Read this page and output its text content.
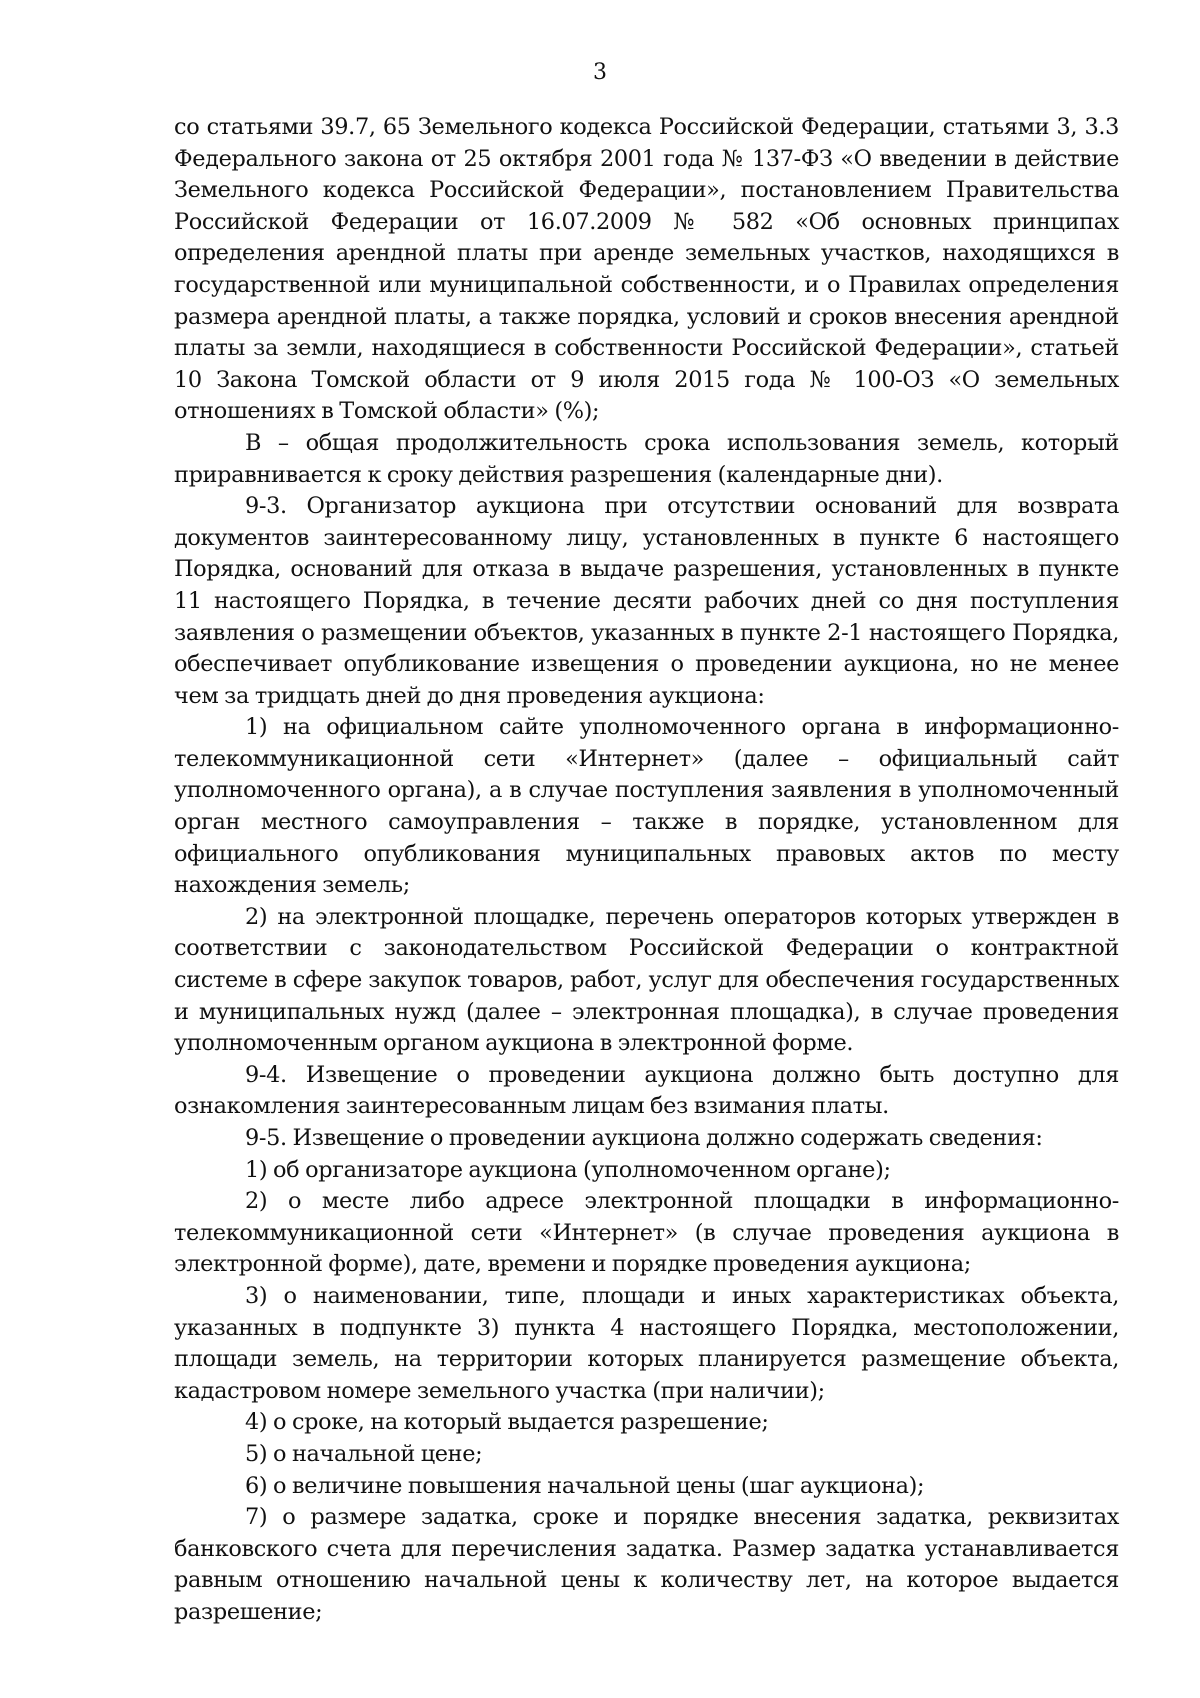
3

со статьями 39.7, 65 Земельного кодекса Российской Федерации, статьями 3, 3.3 Федерального закона от 25 октября 2001 года № 137-ФЗ «О введении в действие Земельного кодекса Российской Федерации», постановлением Правительства Российской Федерации от 16.07.2009 № 582 «Об основных принципах определения арендной платы при аренде земельных участков, находящихся в государственной или муниципальной собственности, и о Правилах определения размера арендной платы, а также порядка, условий и сроков внесения арендной платы за земли, находящиеся в собственности Российской Федерации», статьей 10 Закона Томской области от 9 июля 2015 года № 100-ОЗ «О земельных отношениях в Томской области» (%);

В – общая продолжительность срока использования земель, который приравнивается к сроку действия разрешения (календарные дни).

9-3. Организатор аукциона при отсутствии оснований для возврата документов заинтересованному лицу, установленных в пункте 6 настоящего Порядка, оснований для отказа в выдаче разрешения, установленных в пункте 11 настоящего Порядка, в течение десяти рабочих дней со дня поступления заявления о размещении объектов, указанных в пункте 2-1 настоящего Порядка, обеспечивает опубликование извещения о проведении аукциона, но не менее чем за тридцать дней до дня проведения аукциона:

1) на официальном сайте уполномоченного органа в информационно-телекоммуникационной сети «Интернет» (далее – официальный сайт уполномоченного органа), а в случае поступления заявления в уполномоченный орган местного самоуправления – также в порядке, установленном для официального опубликования муниципальных правовых актов по месту нахождения земель;

2) на электронной площадке, перечень операторов которых утвержден в соответствии с законодательством Российской Федерации о контрактной системе в сфере закупок товаров, работ, услуг для обеспечения государственных и муниципальных нужд (далее – электронная площадка), в случае проведения уполномоченным органом аукциона в электронной форме.

9-4. Извещение о проведении аукциона должно быть доступно для ознакомления заинтересованным лицам без взимания платы.

9-5. Извещение о проведении аукциона должно содержать сведения:

1) об организаторе аукциона (уполномоченном органе);

2) о месте либо адресе электронной площадки в информационно-телекоммуникационной сети «Интернет» (в случае проведения аукциона в электронной форме), дате, времени и порядке проведения аукциона;

3) о наименовании, типе, площади и иных характеристиках объекта, указанных в подпункте 3) пункта 4 настоящего Порядка, местоположении, площади земель, на территории которых планируется размещение объекта, кадастровом номере земельного участка (при наличии);

4) о сроке, на который выдается разрешение;

5) о начальной цене;

6) о величине повышения начальной цены (шаг аукциона);

7) о размере задатка, сроке и порядке внесения задатка, реквизитах банковского счета для перечисления задатка. Размер задатка устанавливается равным отношению начальной цены к количеству лет, на которое выдается разрешение;
